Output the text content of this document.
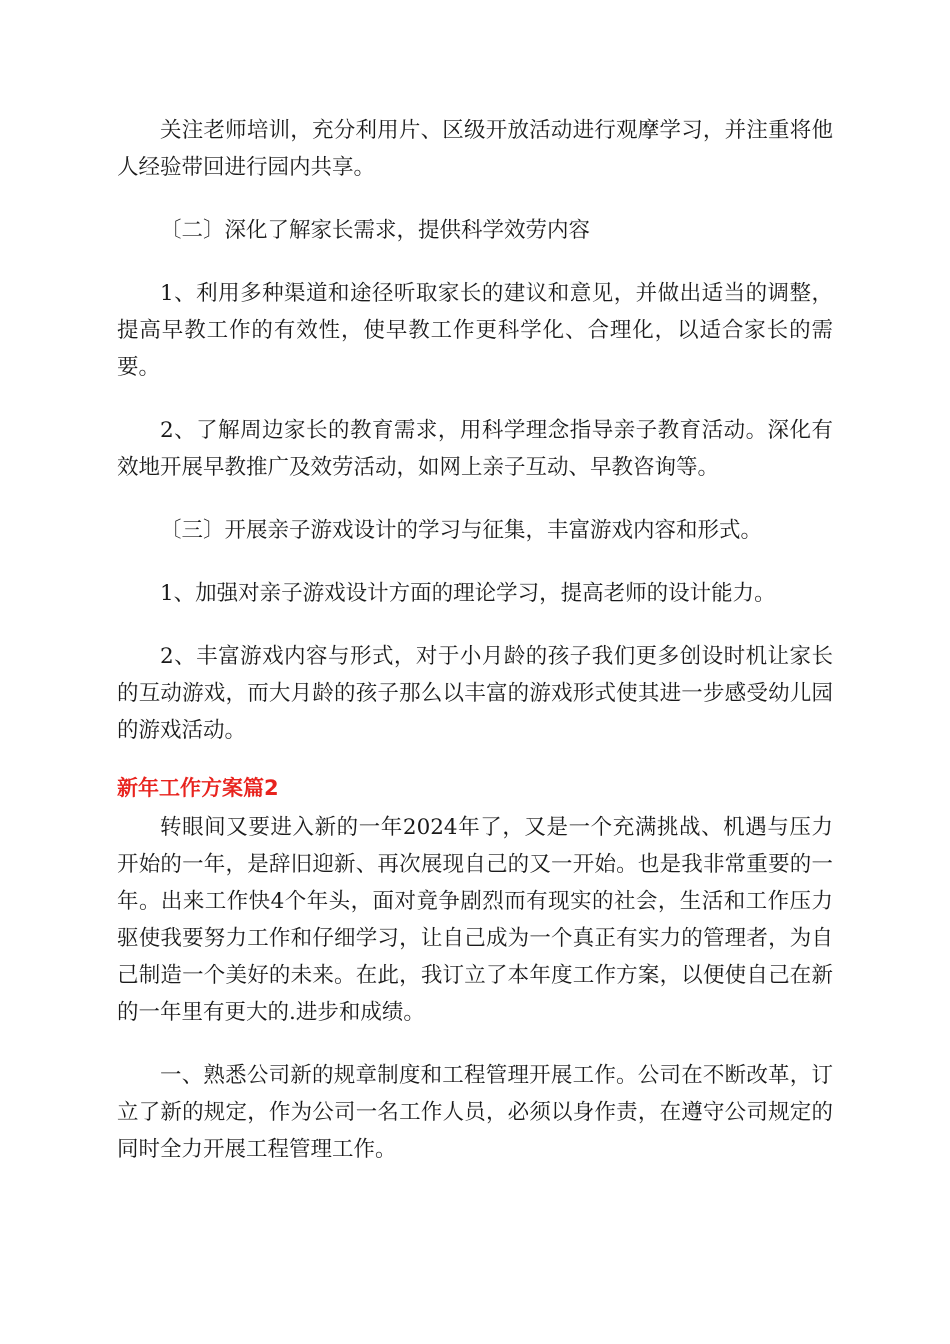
关注老师培训，充分利用片、区级开放活动进行观摩学习，并注重将他人经验带回进行园内共享。

〔二〕深化了解家长需求，提供科学效劳内容

1、利用多种渠道和途径听取家长的建议和意见，并做出适当的调整，提高早教工作的有效性，使早教工作更科学化、合理化，以适合家长的需要。

2、了解周边家长的教育需求，用科学理念指导亲子教育活动。深化有效地开展早教推广及效劳活动，如网上亲子互动、早教咨询等。

〔三〕开展亲子游戏设计的学习与征集，丰富游戏内容和形式。

1、加强对亲子游戏设计方面的理论学习，提高老师的设计能力。

2、丰富游戏内容与形式，对于小月龄的孩子我们更多创设时机让家长的互动游戏，而大月龄的孩子那么以丰富的游戏形式使其进一步感受幼儿园的游戏活动。

新年工作方案篇2

转眼间又要进入新的一年2024年了，又是一个充满挑战、机遇与压力开始的一年，是辞旧迎新、再次展现自己的又一开始。也是我非常重要的一年。出来工作快4个年头，面对竟争剧烈而有现实的社会，生活和工作压力驱使我要努力工作和仔细学习，让自己成为一个真正有实力的管理者，为自己制造一个美好的未来。在此，我订立了本年度工作方案，以便使自己在新的一年里有更大的.进步和成绩。

一、熟悉公司新的规章制度和工程管理开展工作。公司在不断改革，订立了新的规定，作为公司一名工作人员，必须以身作责，在遵守公司规定的同时全力开展工程管理工作。
